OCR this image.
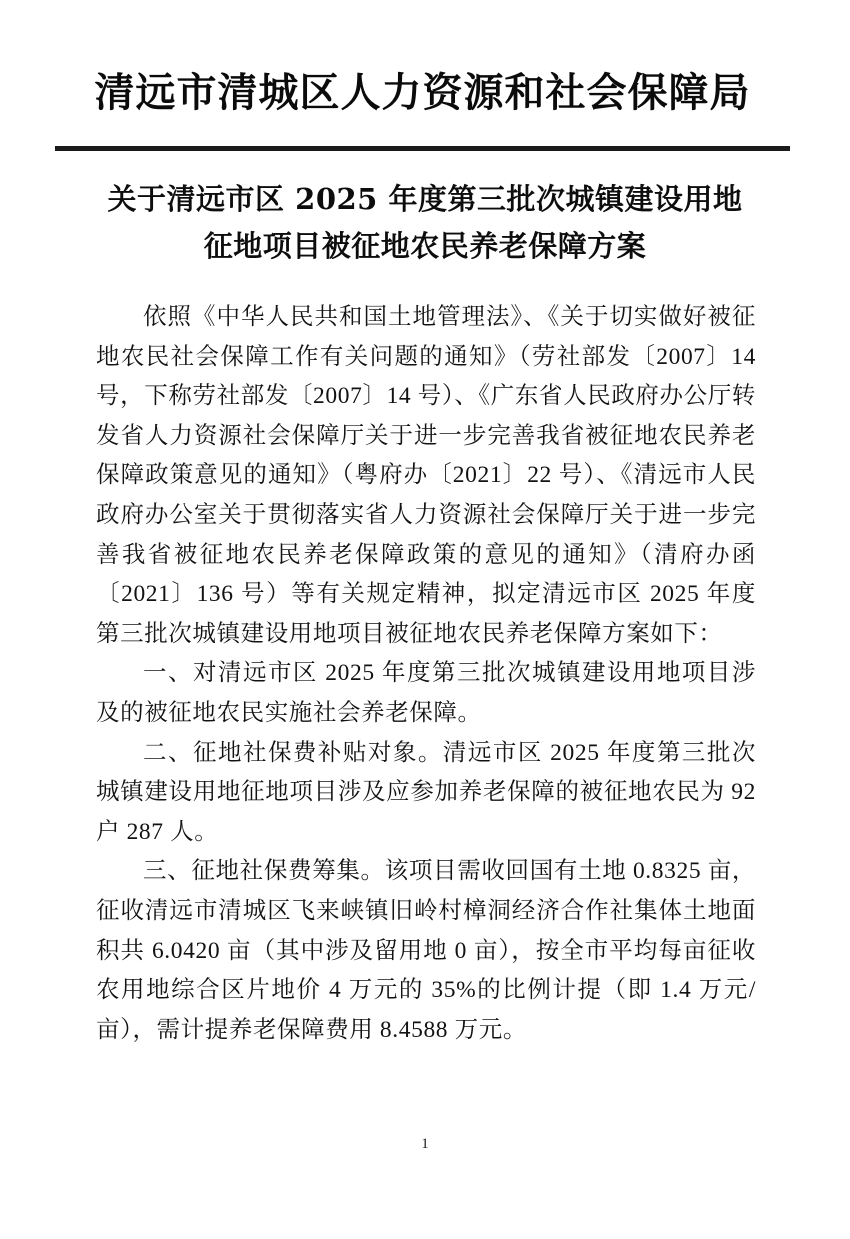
清远市清城区人力资源和社会保障局
关于清远市区 2025 年度第三批次城镇建设用地征地项目被征地农民养老保障方案

依照《中华人民共和国土地管理法》、《关于切实做好被征地农民社会保障工作有关问题的通知》（劳社部发〔2007〕14 号，下称劳社部发〔2007〕14 号）、《广东省人民政府办公厅转发省人力资源社会保障厅关于进一步完善我省被征地农民养老保障政策意见的通知》（粤府办〔2021〕22 号）、《清远市人民政府办公室关于贯彻落实省人力资源社会保障厅关于进一步完善我省被征地农民养老保障政策的意见的通知》（清府办函〔2021〕136 号）等有关规定精神，拟定清远市区 2025 年度第三批次城镇建设用地项目被征地农民养老保障方案如下：

一、对清远市区 2025 年度第三批次城镇建设用地项目涉及的被征地农民实施社会养老保障。

二、征地社保费补贴对象。清远市区 2025 年度第三批次城镇建设用地征地项目涉及应参加养老保障的被征地农民为 92 户 287 人。

三、征地社保费筹集。该项目需收回国有土地 0.8325 亩，征收清远市清城区飞来峡镇旧岭村樟洞经济合作社集体土地面积共 6.0420 亩（其中涉及留用地 0 亩），按全市平均每亩征收农用地综合区片地价 4 万元的 35%的比例计提（即 1.4 万元/亩），需计提养老保障费用 8.4588 万元。

1
